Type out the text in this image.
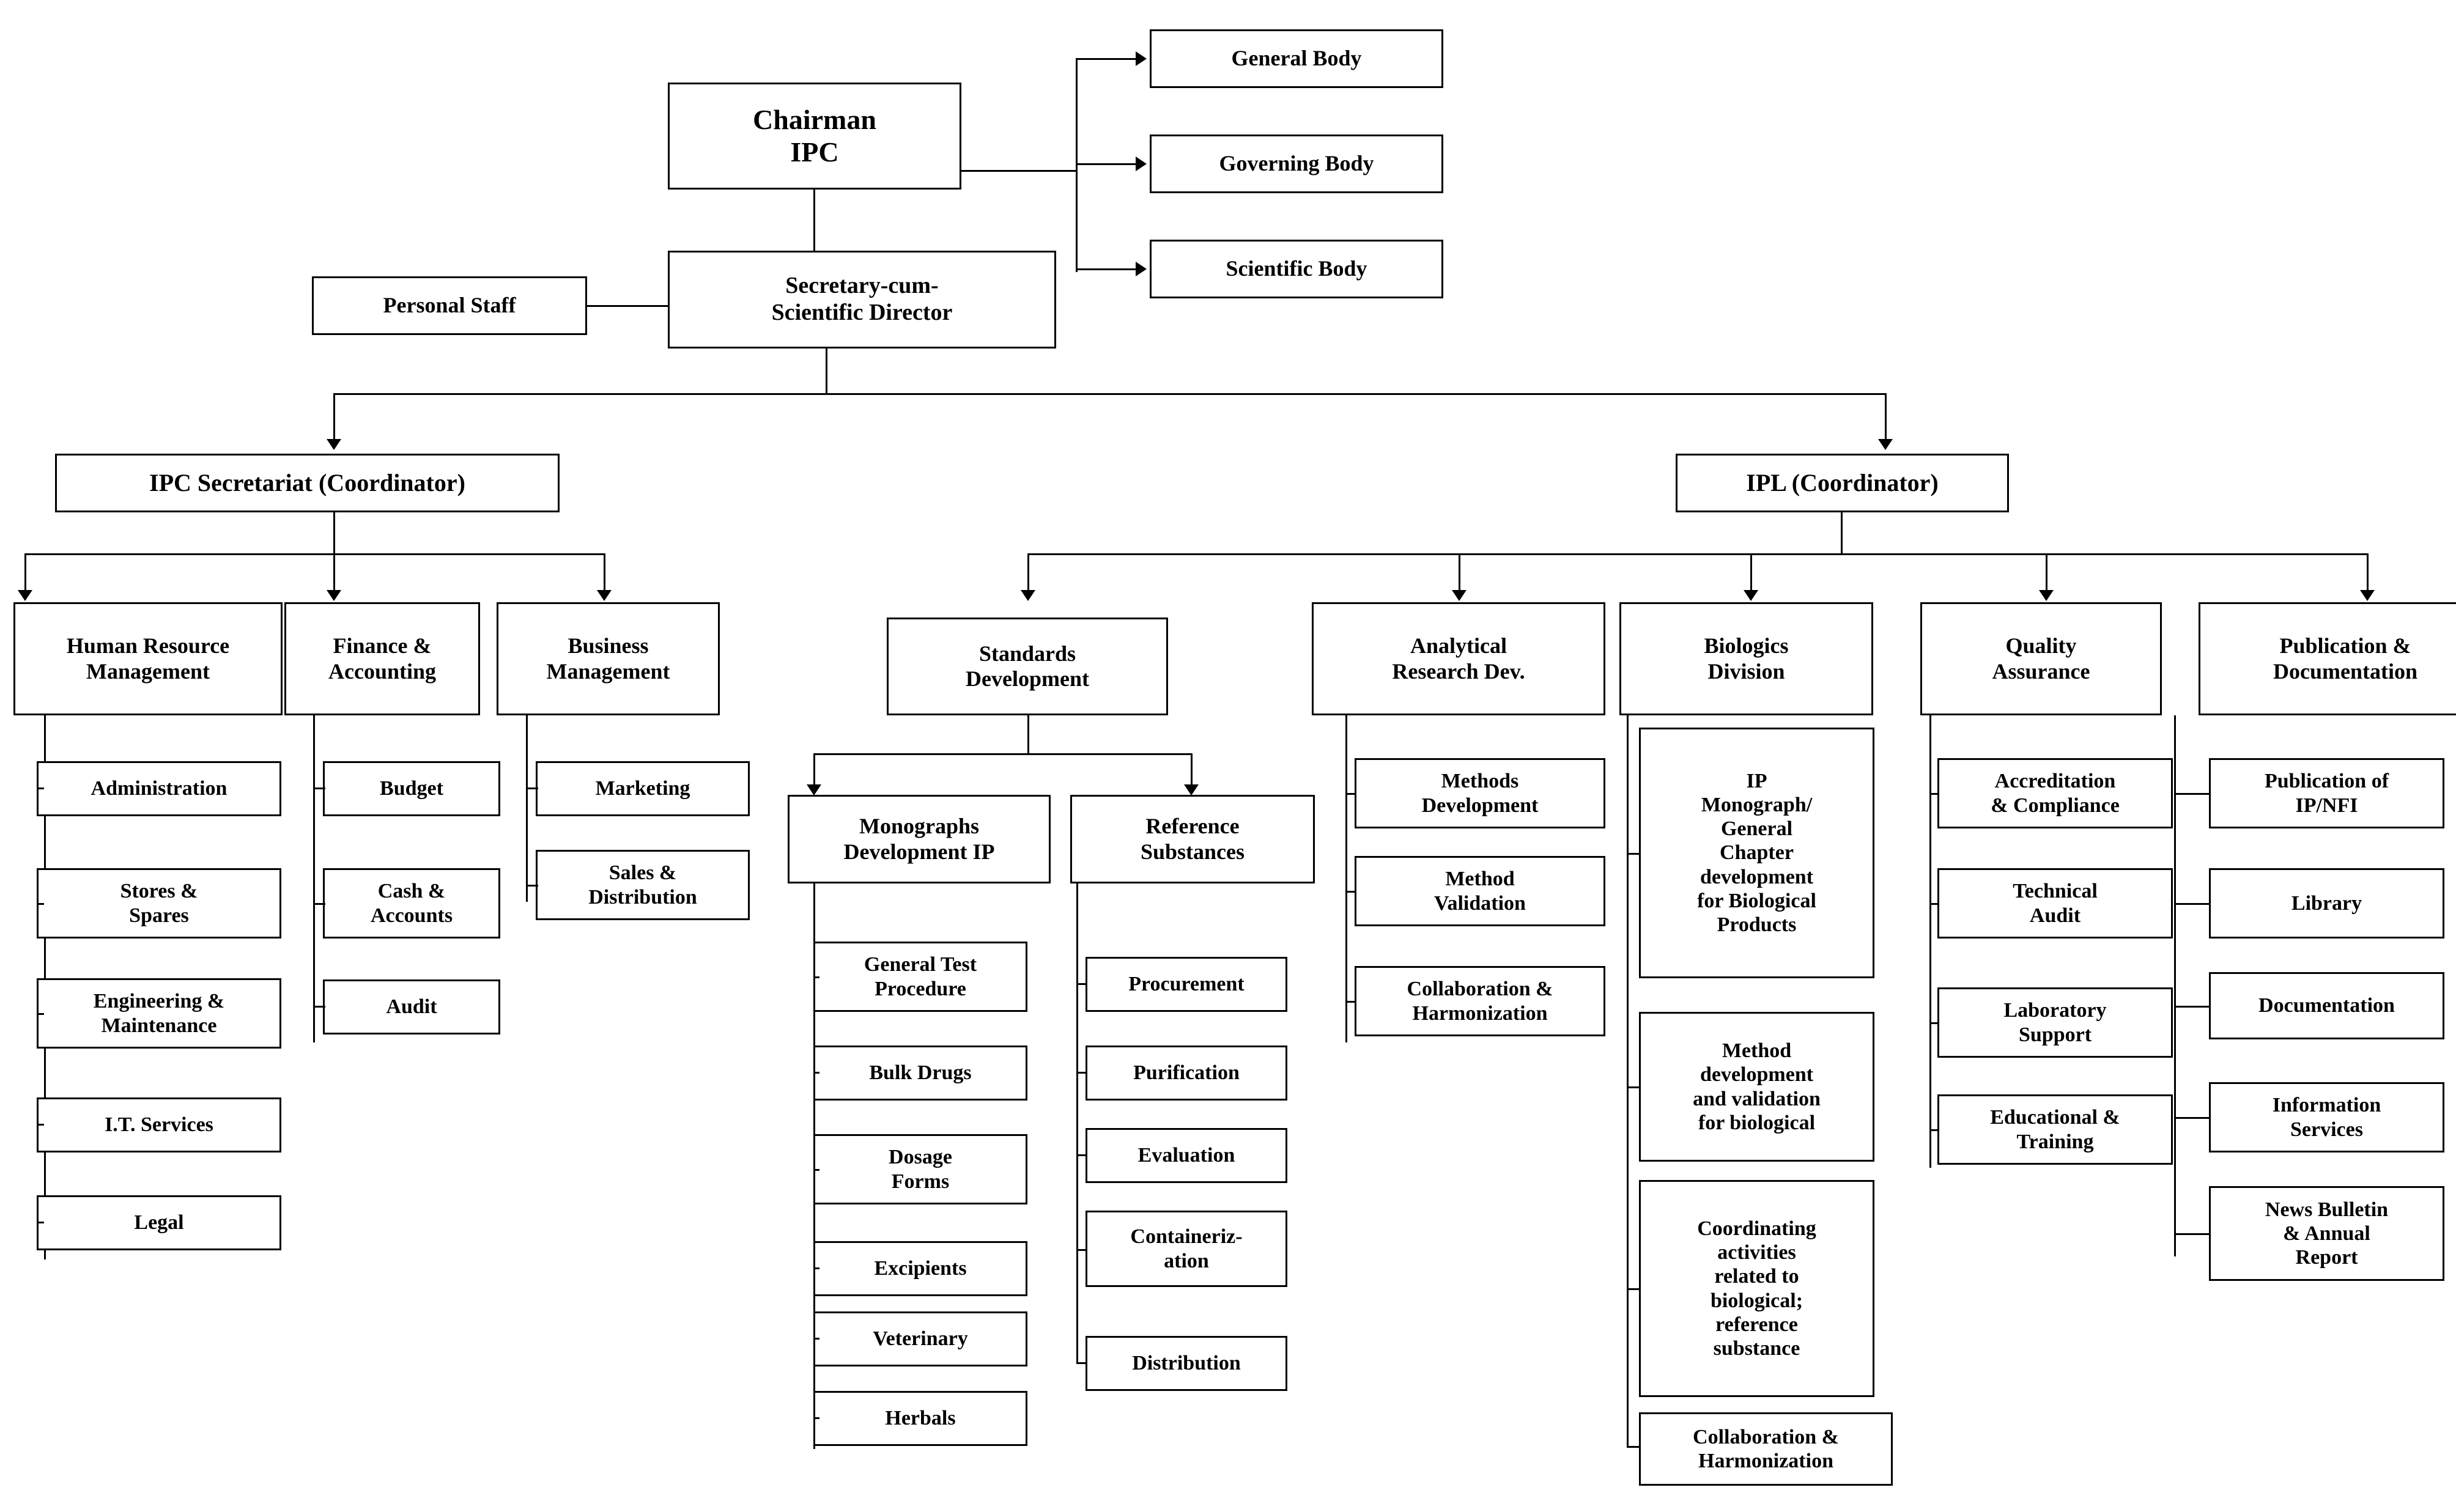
Chairman
IPC
General Body
Governing Body
Scientific Body
Secretary-cum-
Scientific Director
Personal Staff
IPC Secretariat (Coordinator)	IPL (Coordinator)
Human Resource
Management
Finance &
Accounting
Business
Management
Standards
Development
Analytical
Research Dev.
Biologics
Division
Quality
Assurance
Publication &
Documentation
Administration
Stores &
Spares
Engineering &
Maintenance
I.T. Services
Legal
Budget
Cash &
Accounts
Audit
Marketing
Sales &
Distribution
Monographs
Development IP
Reference
Substances
General Test
Procedure
Bulk Drugs
Dosage
Forms
Excipients
Veterinary
Herbals
Procurement
Purification
Evaluation
Containeriz-
ation
Distribution
Methods
Development
Method
Validation
Collaboration &
Harmonization
IP
Monograph/
General
Chapter
development
for Biological
Products
Method
development
and validation
for biological
Coordinating
activities
related to
biological;
reference
substance
Collaboration &
Harmonization
Accreditation
& Compliance
Technical
Audit
Laboratory
Support
Educational &
Training
Publication of
IP/NFI
Library
Documentation
Information
Services
News Bulletin
& Annual
Report
